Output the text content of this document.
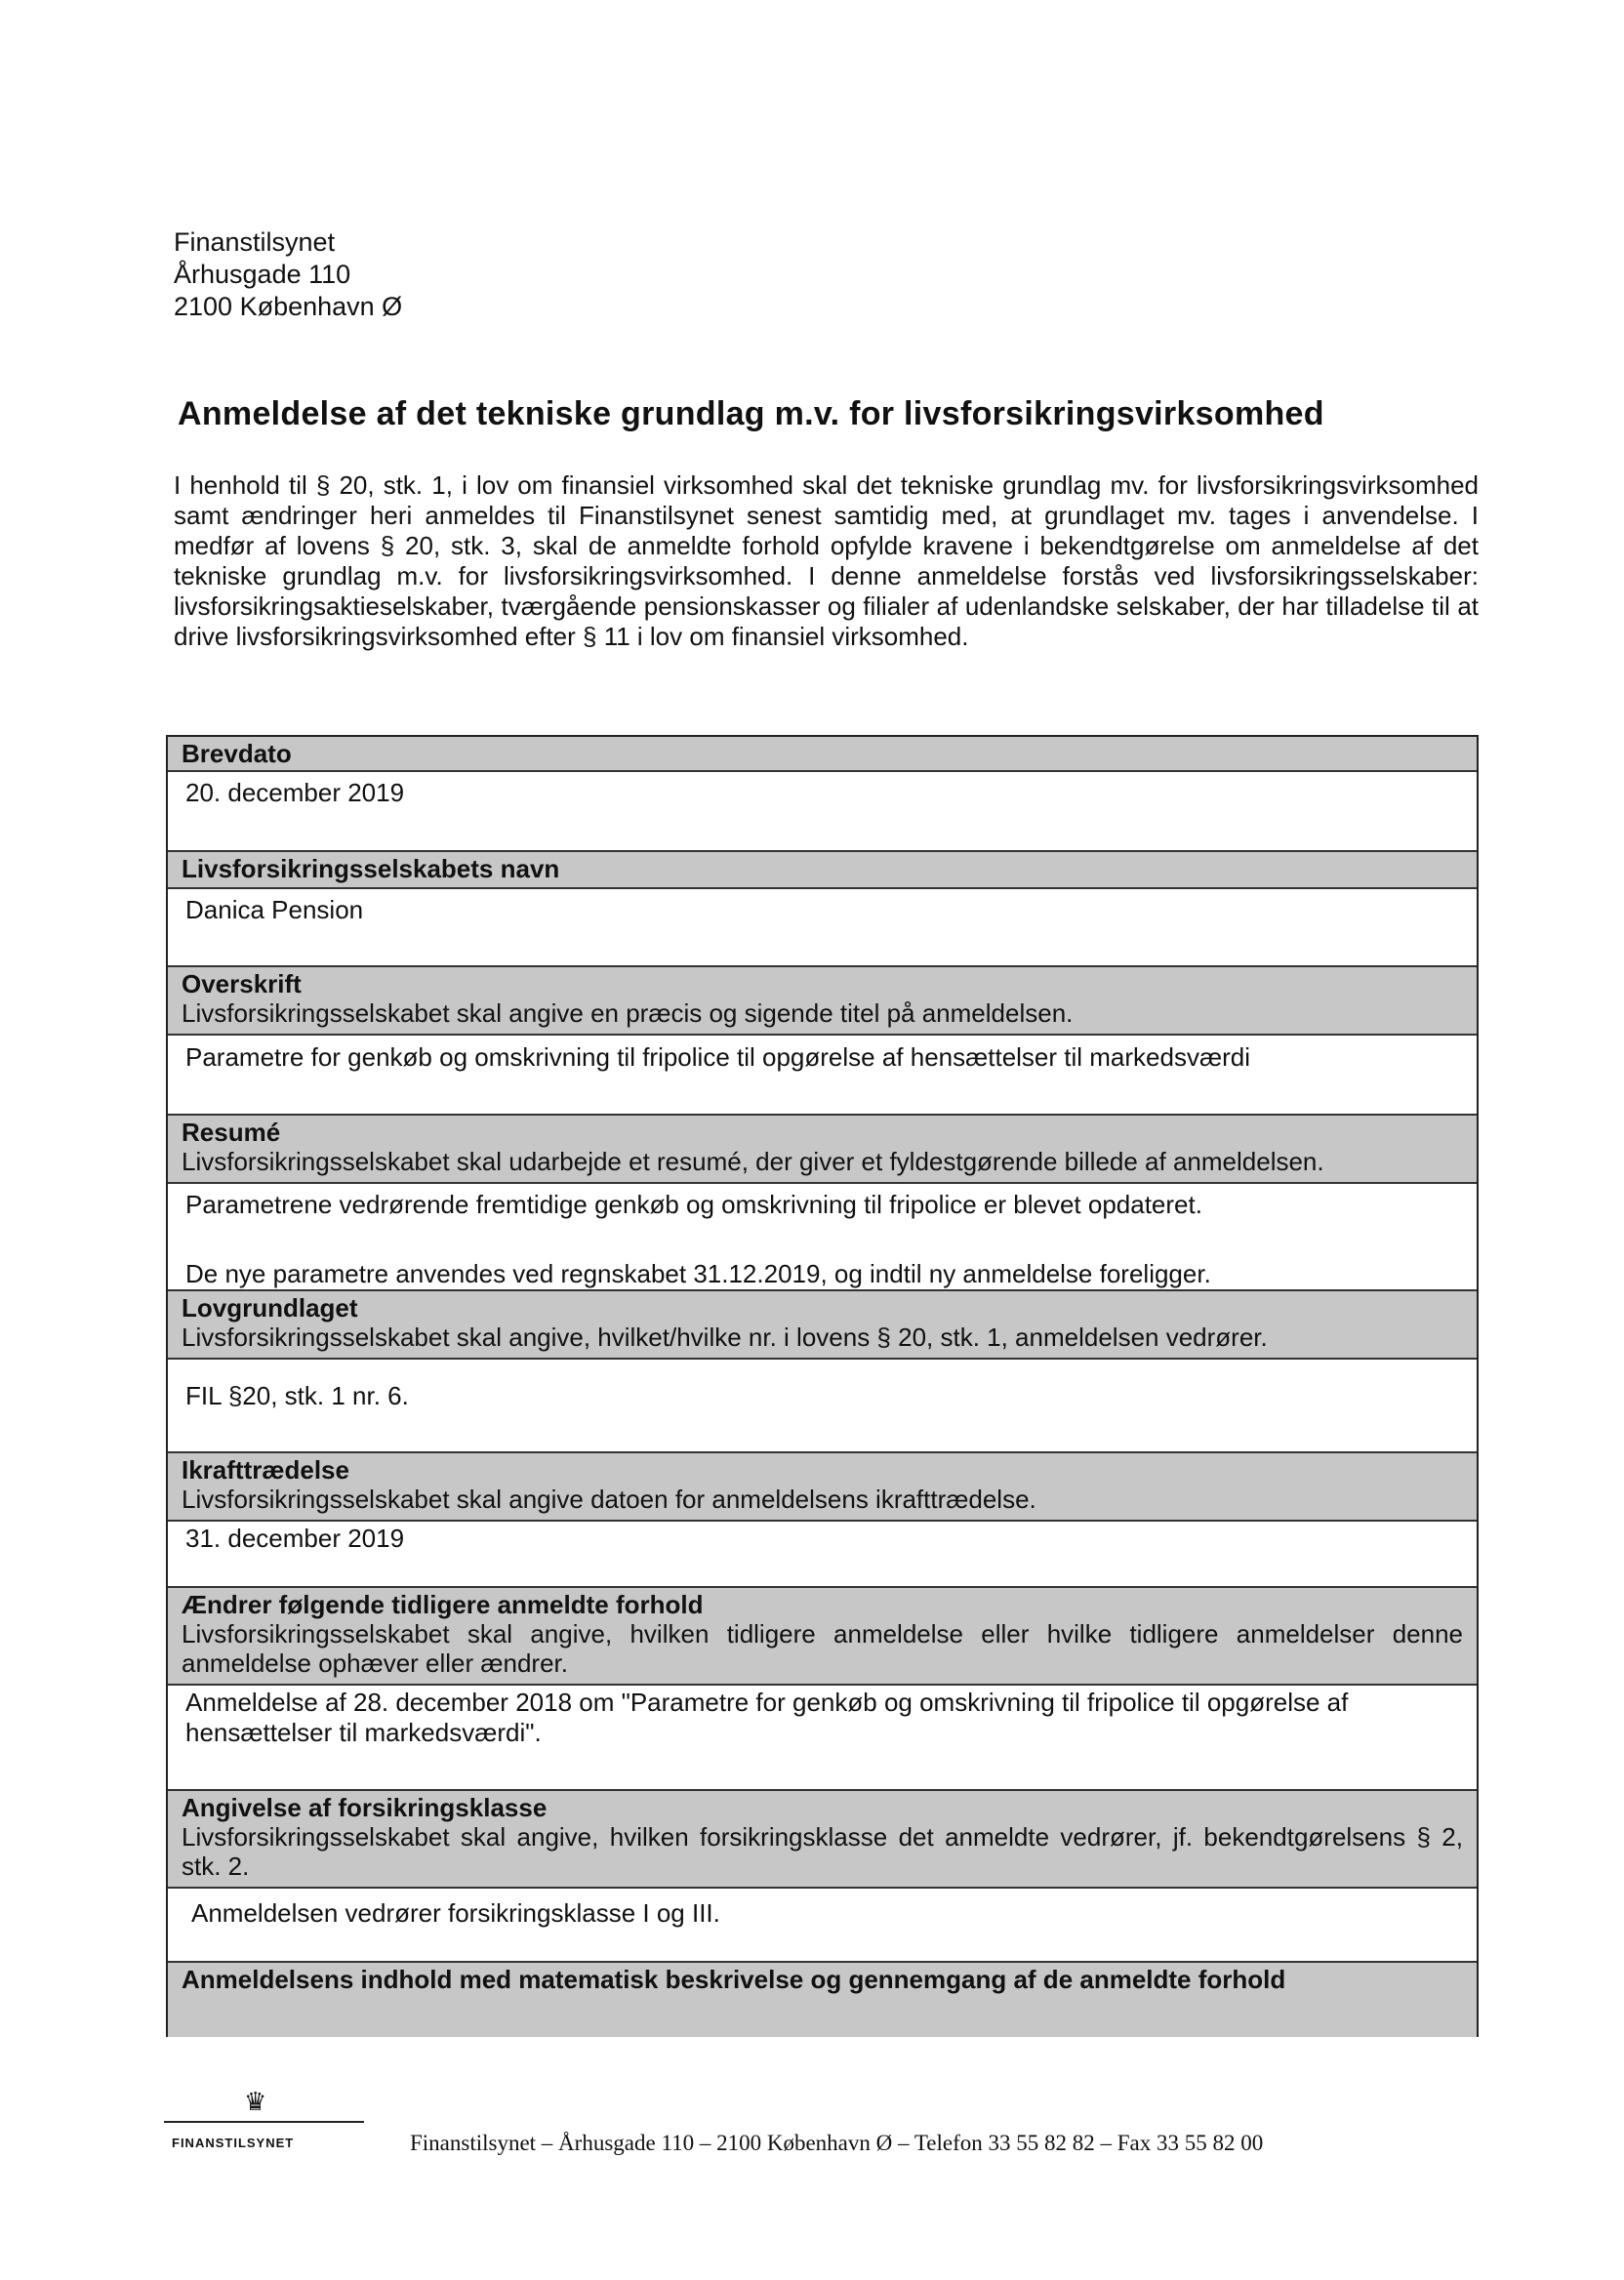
Finanstilsynet
Århusgade 110
2100 København Ø
Anmeldelse af det tekniske grundlag m.v. for livsforsikringsvirksomhed
I henhold til § 20, stk. 1, i lov om finansiel virksomhed skal det tekniske grundlag mv. for livsforsikringsvirksomhed samt ændringer heri anmeldes til Finanstilsynet senest samtidig med, at grundlaget mv. tages i anvendelse. I medfør af lovens § 20, stk. 3, skal de anmeldte forhold opfylde kravene i bekendtgørelse om anmeldelse af det tekniske grundlag m.v. for livsforsikringsvirksomhed. I denne anmeldelse forstås ved livsforsikringsselskaber: livsforsikringsaktieselskaber, tværgående pensionskasser og filialer af udenlandske selskaber, der har tilladelse til at drive livsforsikringsvirksomhed efter § 11 i lov om finansiel virksomhed.
Brevdato
20. december 2019
Livsforsikringsselskabets navn
Danica Pension
Overskrift
Livsforsikringsselskabet skal angive en præcis og sigende titel på anmeldelsen.
Parametre for genkøb og omskrivning til fripolice til opgørelse af hensættelser til markedsværdi
Resumé
Livsforsikringsselskabet skal udarbejde et resumé, der giver et fyldestgørende billede af anmeldelsen.
Parametrene vedrørende fremtidige genkøb og omskrivning til fripolice er blevet opdateret.
De nye parametre anvendes ved regnskabet 31.12.2019, og indtil ny anmeldelse foreligger.
Lovgrundlaget
Livsforsikringsselskabet skal angive, hvilket/hvilke nr. i lovens § 20, stk. 1, anmeldelsen vedrører.
FIL §20, stk. 1 nr. 6.
Ikrafttrædelse
Livsforsikringsselskabet skal angive datoen for anmeldelsens ikrafttrædelse.
31. december 2019
Ændrer følgende tidligere anmeldte forhold
Livsforsikringsselskabet skal angive, hvilken tidligere anmeldelse eller hvilke tidligere anmeldelser denne anmeldelse ophæver eller ændrer.
Anmeldelse af 28. december 2018 om "Parametre for genkøb og omskrivning til fripolice til opgørelse af hensættelser til markedsværdi".
Angivelse af forsikringsklasse
Livsforsikringsselskabet skal angive, hvilken forsikringsklasse det anmeldte vedrører, jf. bekendtgørelsens § 2, stk. 2.
Anmeldelsen vedrører forsikringsklasse I og III.
Anmeldelsens indhold med matematisk beskrivelse og gennemgang af de anmeldte forhold
♛
FINANSTILSYNET	Finanstilsynet – Århusgade 110 – 2100 København Ø – Telefon 33 55 82 82 – Fax 33 55 82 00
